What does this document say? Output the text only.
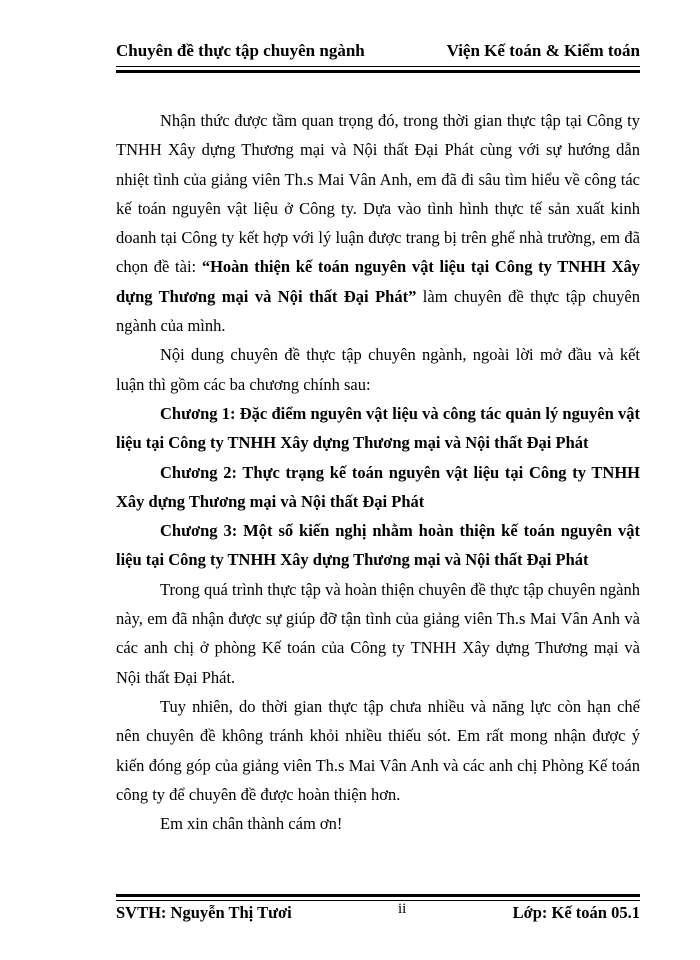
Chuyên đề thực tập chuyên ngành	Viện Kế toán & Kiểm toán

Nhận thức được tầm quan trọng đó, trong thời gian thực tập tại Công ty TNHH Xây dựng Thương mại và Nội thất Đại Phát cùng với sự hướng dẫn nhiệt tình của giảng viên Th.s Mai Vân Anh, em đã đi sâu tìm hiểu về công tác kế toán nguyên vật liệu ở Công ty. Dựa vào tình hình thực tế sản xuất kinh doanh tại Công ty kết hợp với lý luận được trang bị trên ghế nhà trường, em đã chọn đề tài: “Hoàn thiện kế toán nguyên vật liệu tại Công ty TNHH Xây dựng Thương mại và Nội thất Đại Phát” làm chuyên đề thực tập chuyên ngành của mình.

Nội dung chuyên đề thực tập chuyên ngành, ngoài lời mở đầu và kết luận thì gồm các ba chương chính sau:

Chương 1: Đặc điểm nguyên vật liệu và công tác quản lý nguyên vật liệu tại Công ty TNHH Xây dựng Thương mại và Nội thất Đại Phát

Chương 2: Thực trạng kế toán nguyên vật liệu tại Công ty TNHH Xây dựng Thương mại và Nội thất Đại Phát

Chương 3: Một số kiến nghị nhằm hoàn thiện kế toán nguyên vật liệu tại Công ty TNHH Xây dựng Thương mại và Nội thất Đại Phát

Trong quá trình thực tập và hoàn thiện chuyên đề thực tập chuyên ngành này, em đã nhận được sự giúp đỡ tận tình của giảng viên Th.s Mai Vân Anh và các anh chị ở phòng Kế toán của Công ty TNHH Xây dựng Thương mại và Nội thất Đại Phát.

Tuy nhiên, do thời gian thực tập chưa nhiều và năng lực còn hạn chế nên chuyên đề không tránh khỏi nhiều thiếu sót. Em rất mong nhận được ý kiến đóng góp của giảng viên Th.s Mai Vân Anh và các anh chị Phòng Kế toán công ty để chuyên đề được hoàn thiện hơn.

Em xin chân thành cám ơn!

SVTH: Nguyễn Thị Tươi	ii	Lớp: Kế toán 05.1
